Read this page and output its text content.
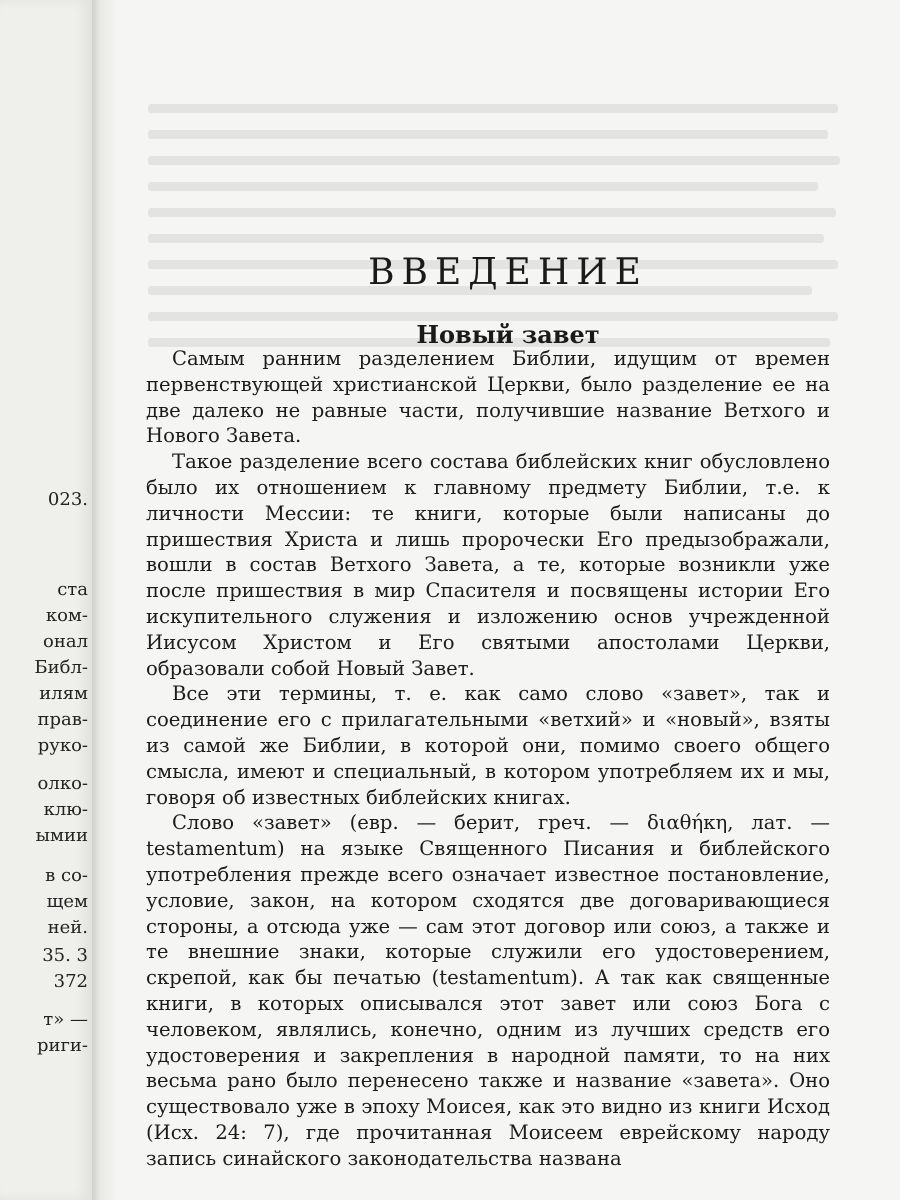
023.
ста
ком-
онал
Библ-
илям
прав-
руко-
олко-
клю-
ымии
в со-
щем
ней.
35. 3
372
т» —
риги-
ВВЕДЕНИЕ
Новый завет

Самым ранним разделением Библии, идущим от времен первенствующей христианской Церкви, было разделение ее на две далеко не равные части, получившие название Ветхого и Нового Завета.

Такое разделение всего состава библейских книг обусловлено было их отношением к главному предмету Библии, т.е. к личности Мессии: те книги, которые были написаны до пришествия Христа и лишь пророчески Его предызображали, вошли в состав Ветхого Завета, а те, которые возникли уже после пришествия в мир Спасителя и посвящены истории Его искупительного служения и изложению основ учрежденной Иисусом Христом и Его святыми апостолами Церкви, образовали собой Новый Завет.

Все эти термины, т. е. как само слово «завет», так и соединение его с прилагательными «ветхий» и «новый», взяты из самой же Библии, в которой они, помимо своего общего смысла, имеют и специальный, в котором употребляем их и мы, говоря об известных библейских книгах.

Слово «завет» (евр. — берит, греч. — διαθήκη, лат. — testamentum) на языке Священного Писания и библейского употребления прежде всего означает известное постановление, условие, закон, на котором сходятся две договаривающиеся стороны, а отсюда уже — сам этот договор или союз, а также и те внешние знаки, которые служили его удостоверением, скрепой, как бы печатью (testamentum). А так как священные книги, в которых описывался этот завет или союз Бога с человеком, являлись, конечно, одним из лучших средств его удостоверения и закрепления в народной памяти, то на них весьма рано было перенесено также и название «завета». Оно существовало уже в эпоху Моисея, как это видно из книги Исход (Исх. 24: 7), где прочитанная Моисеем еврейскому народу запись синайского законодательства названа
